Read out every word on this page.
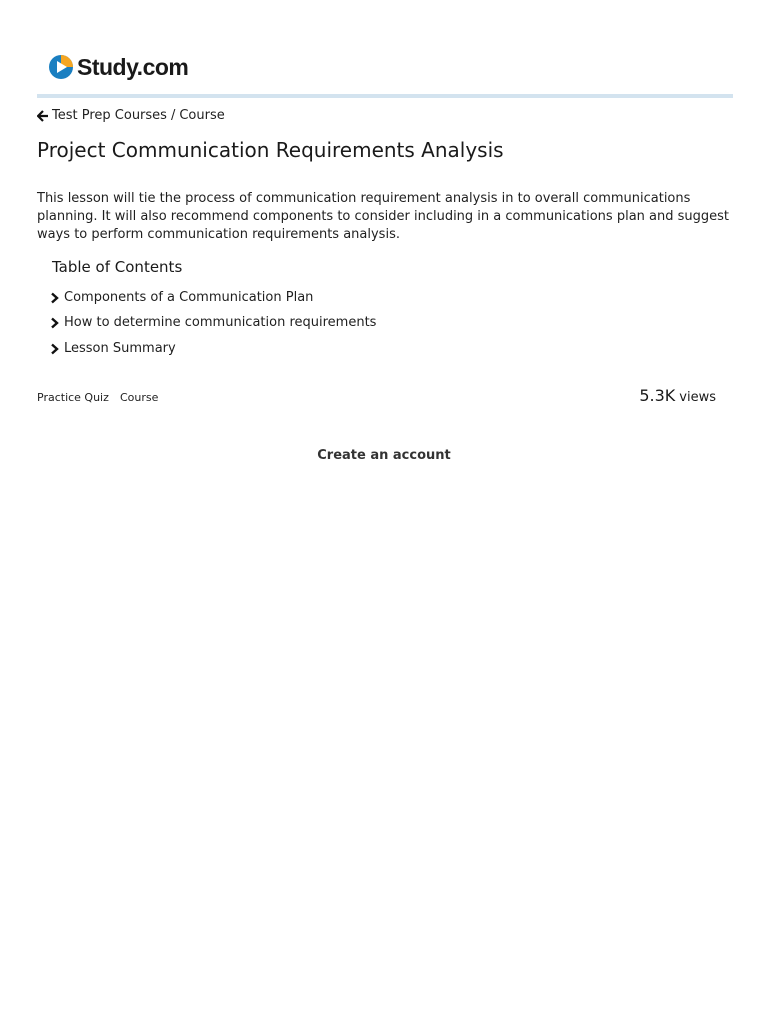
Study.com
Test Prep Courses / Course
Project Communication Requirements Analysis

This lesson will tie the process of communication requirement analysis in to overall communications planning. It will also recommend components to consider including in a communications plan and suggest ways to perform communication requirements analysis.

Table of Contents
Components of a Communication Plan
How to determine communication requirements
Lesson Summary
Practice Quiz Course	5.3K views
Create an account
